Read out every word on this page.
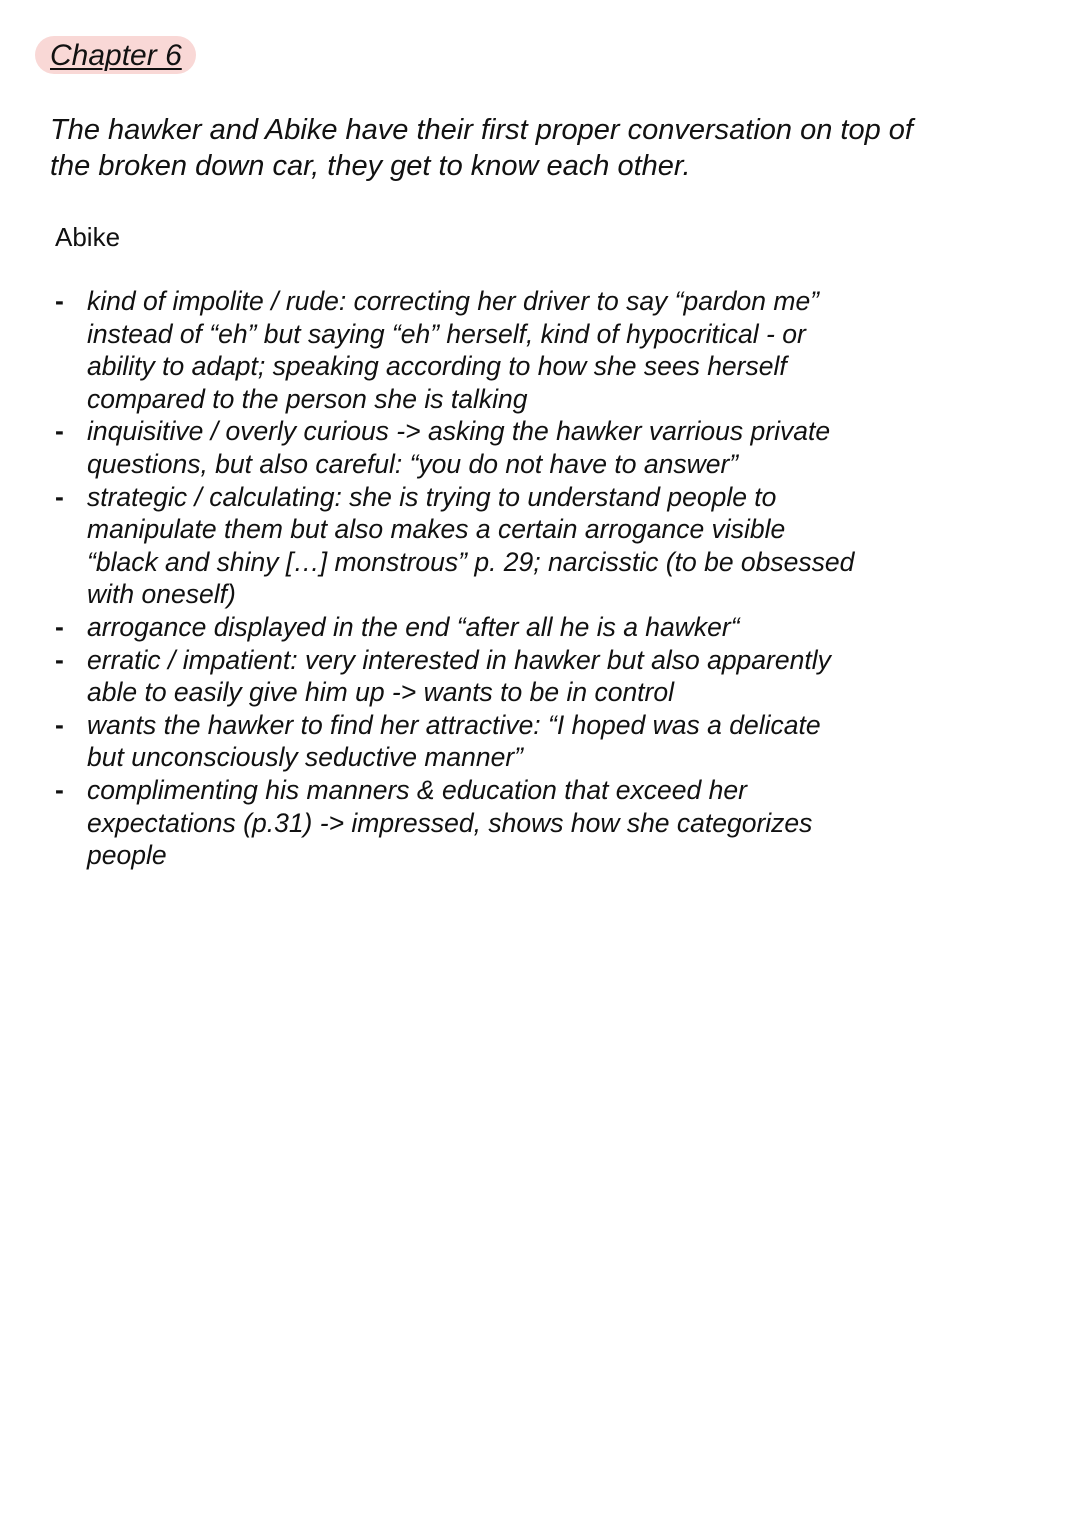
Chapter 6
The hawker and Abike have their first proper conversation on top of
the broken down car, they get to know each other.
Abike
- kind of impolite / rude: correcting her driver to say “pardon me”
instead of “eh” but saying “eh” herself, kind of hypocritical - or
ability to adapt; speaking according to how she sees herself
compared to the person she is talking
- inquisitive / overly curious -> asking the hawker varrious private
questions, but also careful: “you do not have to answer”
- strategic / calculating: she is trying to understand people to
manipulate them but also makes a certain arrogance visible
“black and shiny […] monstrous” p. 29; narcisstic (to be obsessed
with oneself)
- arrogance displayed in the end “after all he is a hawker“
- erratic / impatient: very interested in hawker but also apparently
able to easily give him up -> wants to be in control
- wants the hawker to find her attractive: “I hoped was a delicate
but unconsciously seductive manner”
- complimenting his manners & education that exceed her
expectations (p.31) -> impressed, shows how she categorizes
people
